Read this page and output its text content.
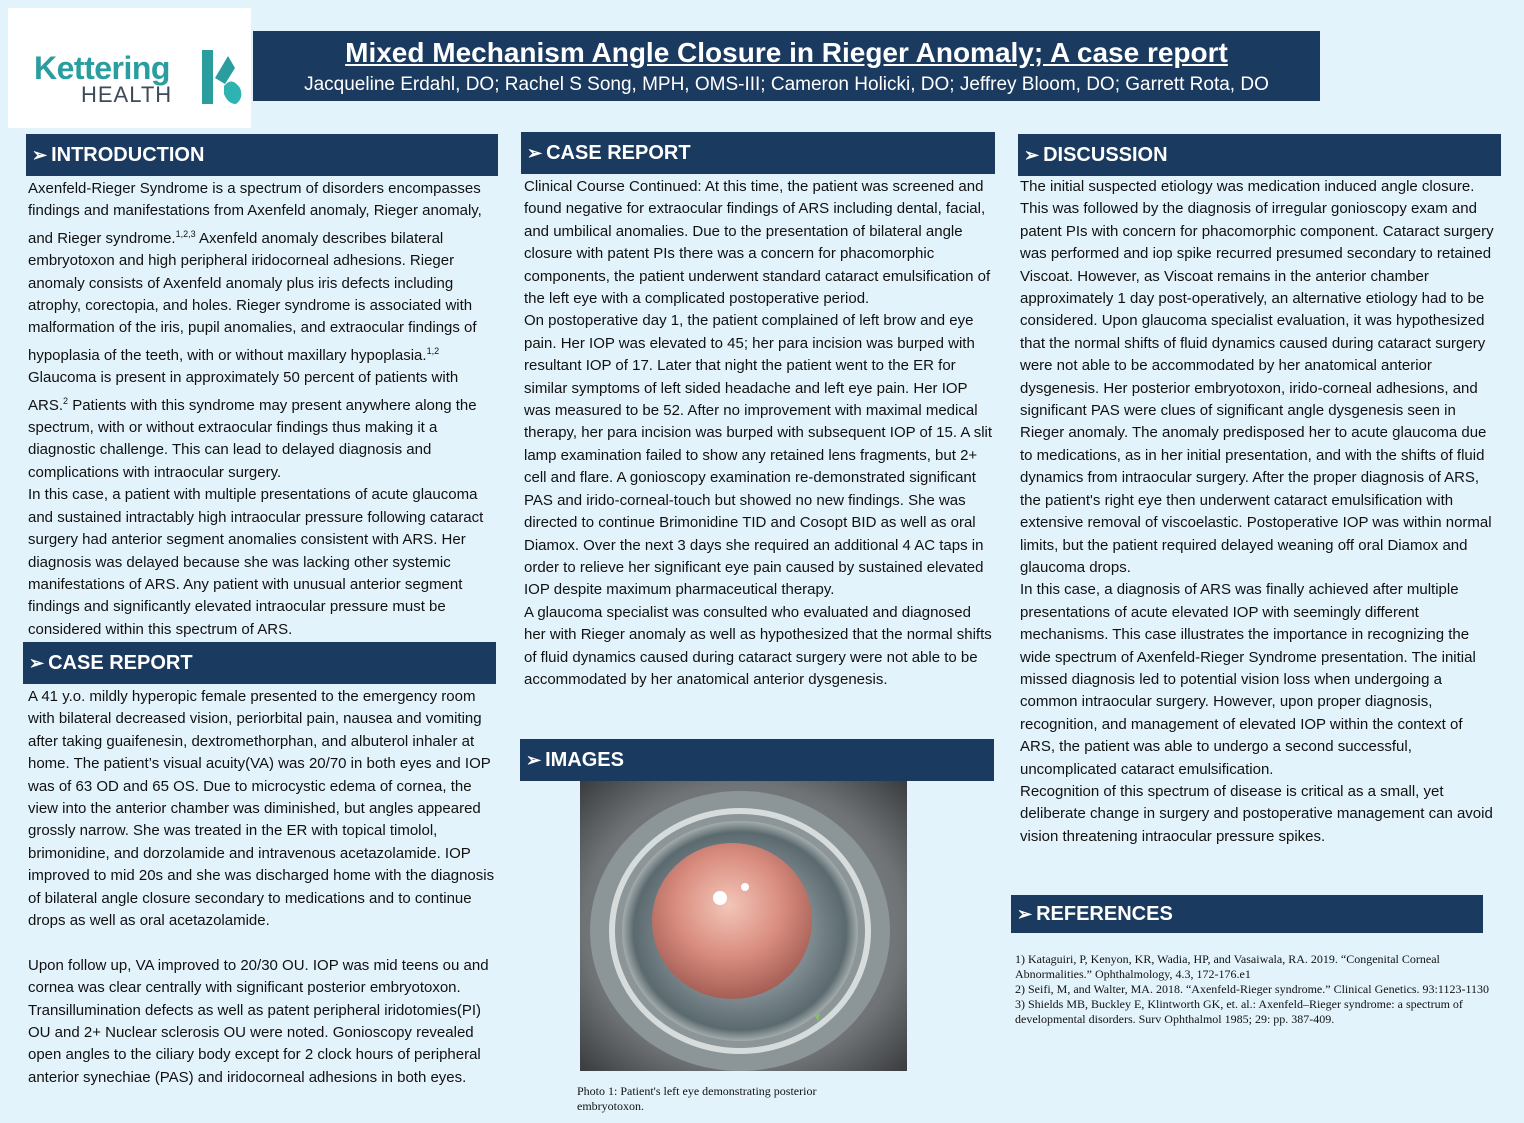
Kettering
HEALTH
Mixed Mechanism Angle Closure in Rieger Anomaly; A case report
Jacqueline Erdahl, DO; Rachel S Song, MPH, OMS-III; Cameron Holicki, DO; Jeffrey Bloom, DO; Garrett Rota, DO
➢ INTRODUCTION

Axenfeld-Rieger Syndrome is a spectrum of disorders encompasses findings and manifestations from Axenfeld anomaly, Rieger anomaly, and Rieger syndrome.$^{1,2,3}$ Axenfeld anomaly describes bilateral embryotoxon and high peripheral iridocorneal adhesions. Rieger anomaly consists of Axenfeld anomaly plus iris defects including atrophy, corectopia, and holes. Rieger syndrome is associated with malformation of the iris, pupil anomalies, and extraocular findings of hypoplasia of the teeth, with or without maxillary hypoplasia.$^{1,2}$ Glaucoma is present in approximately 50 percent of patients with ARS.$^2$ Patients with this syndrome may present anywhere along the spectrum, with or without extraocular findings thus making it a diagnostic challenge. This can lead to delayed diagnosis and complications with intraocular surgery.

In this case, a patient with multiple presentations of acute glaucoma and sustained intractably high intraocular pressure following cataract surgery had anterior segment anomalies consistent with ARS. Her diagnosis was delayed because she was lacking other systemic manifestations of ARS. Any patient with unusual anterior segment findings and significantly elevated intraocular pressure must be considered within this spectrum of ARS.

➢ CASE REPORT

A 41 y.o. mildly hyperopic female presented to the emergency room with bilateral decreased vision, periorbital pain, nausea and vomiting after taking guaifenesin, dextromethorphan, and albuterol inhaler at home. The patient’s visual acuity(VA) was 20/70 in both eyes and IOP was of 63 OD and 65 OS. Due to microcystic edema of cornea, the view into the anterior chamber was diminished, but angles appeared grossly narrow. She was treated in the ER with topical timolol, brimonidine, and dorzolamide and intravenous acetazolamide. IOP improved to mid 20s and she was discharged home with the diagnosis of bilateral angle closure secondary to medications and to continue drops as well as oral acetazolamide.

Upon follow up, VA improved to 20/30 OU. IOP was mid teens ou and cornea was clear centrally with significant posterior embryotoxon. Transillumination defects as well as patent peripheral iridotomies(PI) OU and 2+ Nuclear sclerosis OU were noted. Gonioscopy revealed open angles to the ciliary body except for 2 clock hours of peripheral anterior synechiae (PAS) and iridocorneal adhesions in both eyes.

➢ CASE REPORT

Clinical Course Continued: At this time, the patient was screened and found negative for extraocular findings of ARS including dental, facial, and umbilical anomalies. Due to the presentation of bilateral angle closure with patent PIs there was a concern for phacomorphic components, the patient underwent standard cataract emulsification of the left eye with a complicated postoperative period.

On postoperative day 1, the patient complained of left brow and eye pain. Her IOP was elevated to 45; her para incision was burped with resultant IOP of 17. Later that night the patient went to the ER for similar symptoms of left sided headache and left eye pain. Her IOP was measured to be 52. After no improvement with maximal medical therapy, her para incision was burped with subsequent IOP of 15. A slit lamp examination failed to show any retained lens fragments, but 2+ cell and flare. A gonioscopy examination re-demonstrated significant PAS and irido-corneal-touch but showed no new findings. She was directed to continue Brimonidine TID and Cosopt BID as well as oral Diamox. Over the next 3 days she required an additional 4 AC taps in order to relieve her significant eye pain caused by sustained elevated IOP despite maximum pharmaceutical therapy.

A glaucoma specialist was consulted who evaluated and diagnosed her with Rieger anomaly as well as hypothesized that the normal shifts of fluid dynamics caused during cataract surgery were not able to be accommodated by her anatomical anterior dysgenesis.

➢ IMAGES
Photo 1: Patient's left eye demonstrating posterior embryotoxon.
➢ DISCUSSION

The initial suspected etiology was medication induced angle closure. This was followed by the diagnosis of irregular gonioscopy exam and patent PIs with concern for phacomorphic component. Cataract surgery was performed and iop spike recurred presumed secondary to retained Viscoat. However, as Viscoat remains in the anterior chamber approximately 1 day post-operatively, an alternative etiology had to be considered. Upon glaucoma specialist evaluation, it was hypothesized that the normal shifts of fluid dynamics caused during cataract surgery were not able to be accommodated by her anatomical anterior dysgenesis. Her posterior embryotoxon, irido-corneal adhesions, and significant PAS were clues of significant angle dysgenesis seen in Rieger anomaly. The anomaly predisposed her to acute glaucoma due to medications, as in her initial presentation, and with the shifts of fluid dynamics from intraocular surgery. After the proper diagnosis of ARS, the patient's right eye then underwent cataract emulsification with extensive removal of viscoelastic. Postoperative IOP was within normal limits, but the patient required delayed weaning off oral Diamox and glaucoma drops.

In this case, a diagnosis of ARS was finally achieved after multiple presentations of acute elevated IOP with seemingly different mechanisms. This case illustrates the importance in recognizing the wide spectrum of Axenfeld-Rieger Syndrome presentation. The initial missed diagnosis led to potential vision loss when undergoing a common intraocular surgery. However, upon proper diagnosis, recognition, and management of elevated IOP within the context of ARS, the patient was able to undergo a second successful, uncomplicated cataract emulsification.

Recognition of this spectrum of disease is critical as a small, yet deliberate change in surgery and postoperative management can avoid vision threatening intraocular pressure spikes.

➢ REFERENCES

1) Kataguiri, P, Kenyon, KR, Wadia, HP, and Vasaiwala, RA. 2019. “Congenital Corneal Abnormalities.” Ophthalmology, 4.3, 172-176.e1

2) Seifi, M, and Walter, MA. 2018. “Axenfeld-Rieger syndrome.” Clinical Genetics. 93:1123-1130

3) Shields MB, Buckley E, Klintworth GK, et. al.: Axenfeld–Rieger syndrome: a spectrum of developmental disorders. Surv Ophthalmol 1985; 29: pp. 387-409.
